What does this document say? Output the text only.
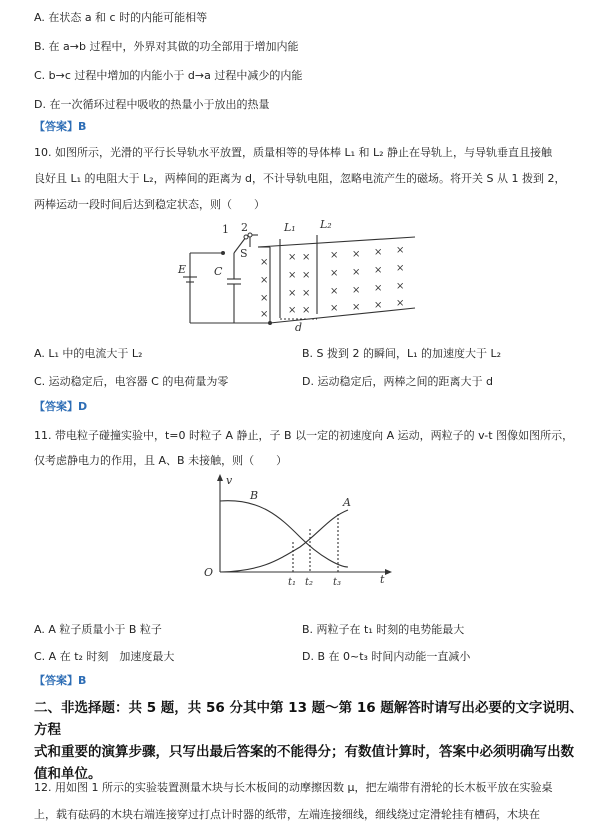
A. 在状态 a 和 c 时的内能可能相等
B. 在 a→b 过程中，外界对其做的功全部用于增加内能
C. b→c 过程中增加的内能小于 d→a 过程中减少的内能
D. 在一次循环过程中吸收的热量小于放出的热量
【答案】B
10. 如图所示，光滑的平行长导轨水平放置，质量相等的导体棒 L₁ 和 L₂ 静止在导轨上，与导轨垂直且接触
良好且 L₁ 的电阻大于 L₂，两棒间的距离为 d，不计导轨电阻，忽略电流产生的磁场。将开关 S 从 1 拨到 2，
两棒运动一段时间后达到稳定状态，则（　　）
1 2
S
E	C
L₁ L₂
d
×
×
×
×
×
×
×
×
×
×
×
×
×
×
×
×
×
×
×
×
×
×
×
×
×
×
×
×
A. L₁ 中的电流大于 L₂	B. S 拨到 2 的瞬间，L₁ 的加速度大于 L₂
C. 运动稳定后，电容器 C 的电荷量为零	D. 运动稳定后，两棒之间的距离大于 d
【答案】D
11. 带电粒子碰撞实验中，t=0 时粒子 A 静止，子 B 以一定的初速度向 A 运动，两粒子的 v-t 图像如图所示，
仅考虑静电力的作用，且 A、B 未接触，则（　　）
v
B
A
O
t
t₁ t₂ t₃
A. A 粒子质量小于 B 粒子	B. 两粒子在 t₁ 时刻的电势能最大
C. A 在 t₂ 时刻　加速度最大	D. B 在 0~t₃ 时间内动能一直减小
【答案】B
二、非选择题：共 5 题，共 56 分其中第 13 题～第 16 题解答时请写出必要的文字说明、方程
式和重要的演算步骤，只写出最后答案的不能得分；有数值计算时，答案中必须明确写出数
值和单位。
12. 用如图 1 所示的实验装置测量木块与长木板间的动摩擦因数 μ，把左端带有滑轮的长木板平放在实验桌
上，载有砝码的木块右端连接穿过打点计时器的纸带，左端连接细线，细线绕过定滑轮挂有槽码，木块在
